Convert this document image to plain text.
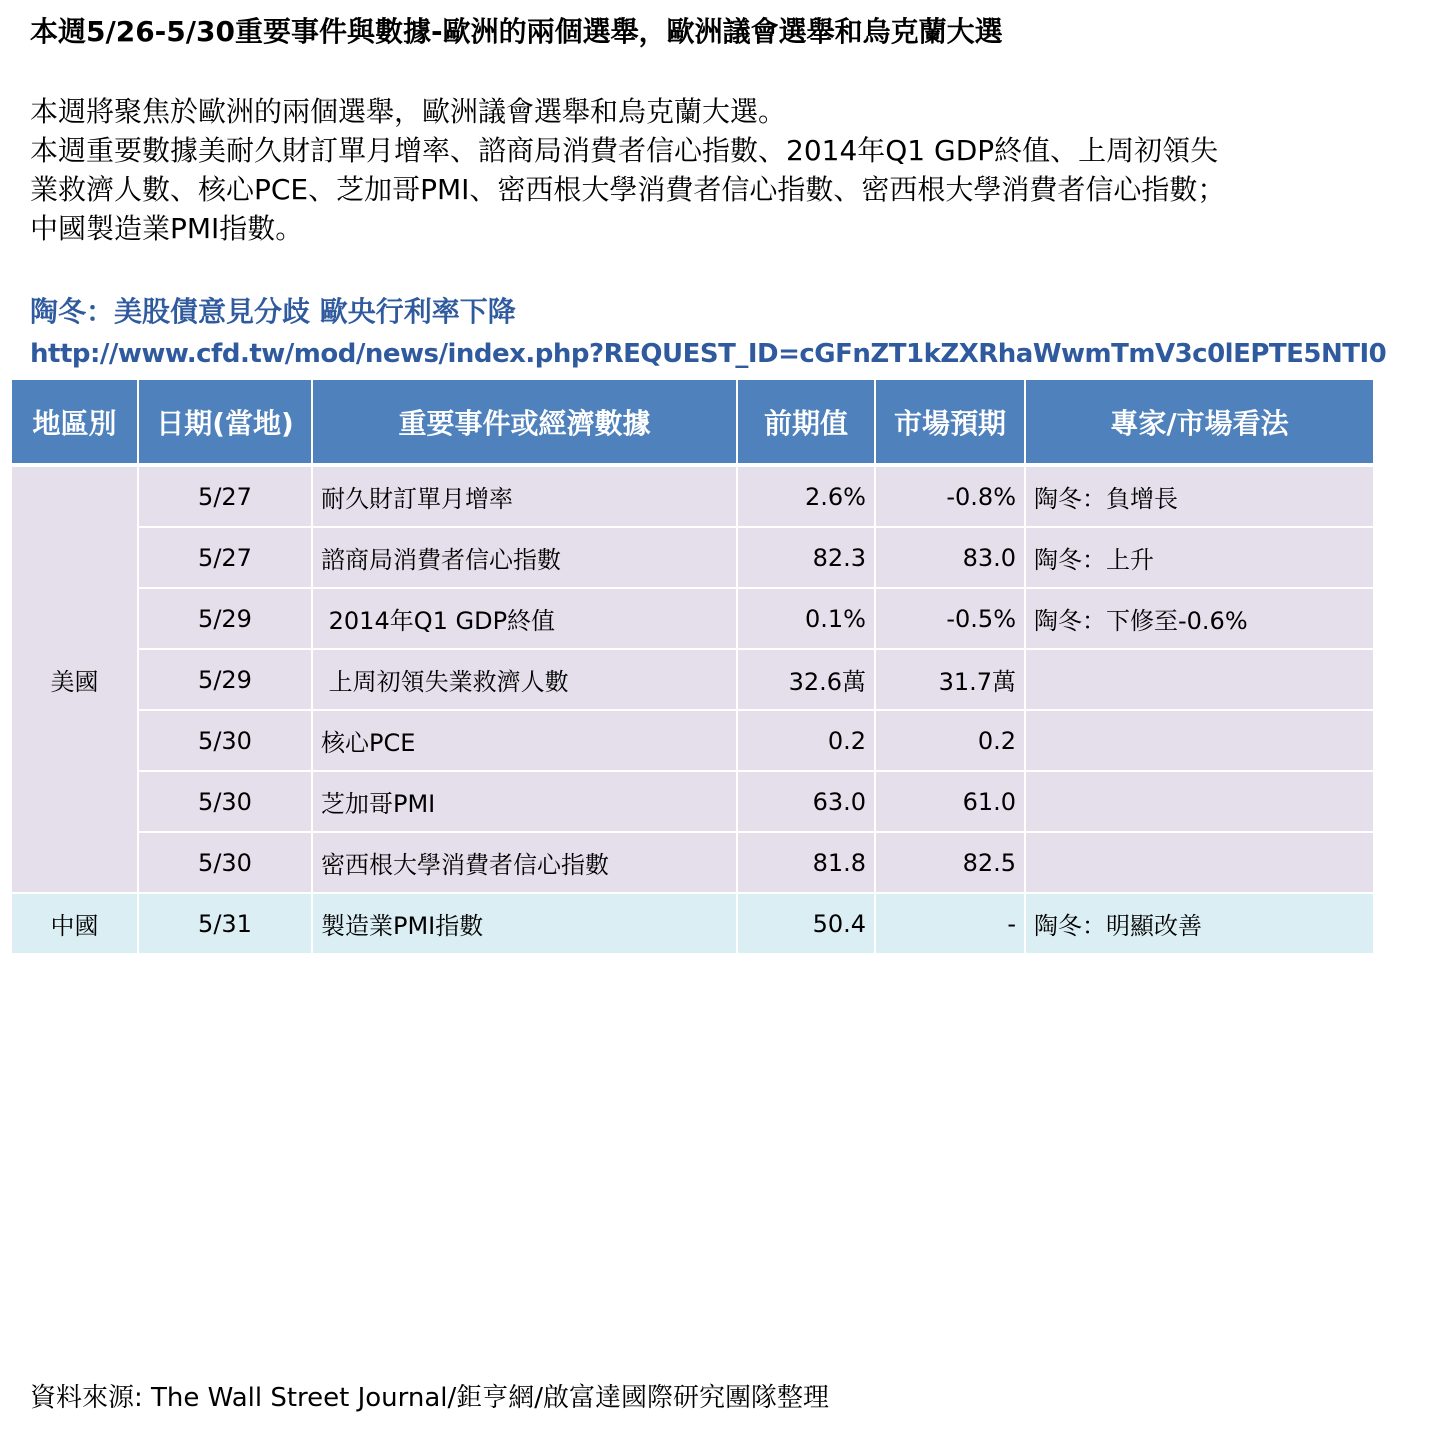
本週5/26-5/30重要事件與數據-歐洲的兩個選舉，歐洲議會選舉和烏克蘭大選
本週將聚焦於歐洲的兩個選舉，歐洲議會選舉和烏克蘭大選。
本週重要數據美耐久財訂單月增率、諮商局消費者信心指數、2014年Q1 GDP終值、上周初領失
業救濟人數、核心PCE、芝加哥PMI、密西根大學消費者信心指數、密西根大學消費者信心指數；
中國製造業PMI指數。
陶冬：美股債意見分歧 歐央行利率下降
http://www.cfd.tw/mod/news/index.php?REQUEST_ID=cGFnZT1kZXRhaWwmTmV3c0lEPTE5NTI0
地區別	日期(當地)	重要事件或經濟數據	前期值	市場預期	專家/市場看法
美國	5/27	耐久財訂單月增率	2.6%	-0.8%	陶冬：負增長
	5/27	諮商局消費者信心指數	82.3	83.0	陶冬：上升
	5/29	2014年Q1 GDP終值	0.1%	-0.5%	陶冬：下修至-0.6%
	5/29	上周初領失業救濟人數	32.6萬	31.7萬	
	5/30	核心PCE	0.2	0.2	
	5/30	芝加哥PMI	63.0	61.0	
	5/30	密西根大學消費者信心指數	81.8	82.5	
中國	5/31	製造業PMI指數	50.4	-	陶冬：明顯改善
資料來源: The Wall Street Journal/鉅亨網/啟富達國際研究團隊整理
